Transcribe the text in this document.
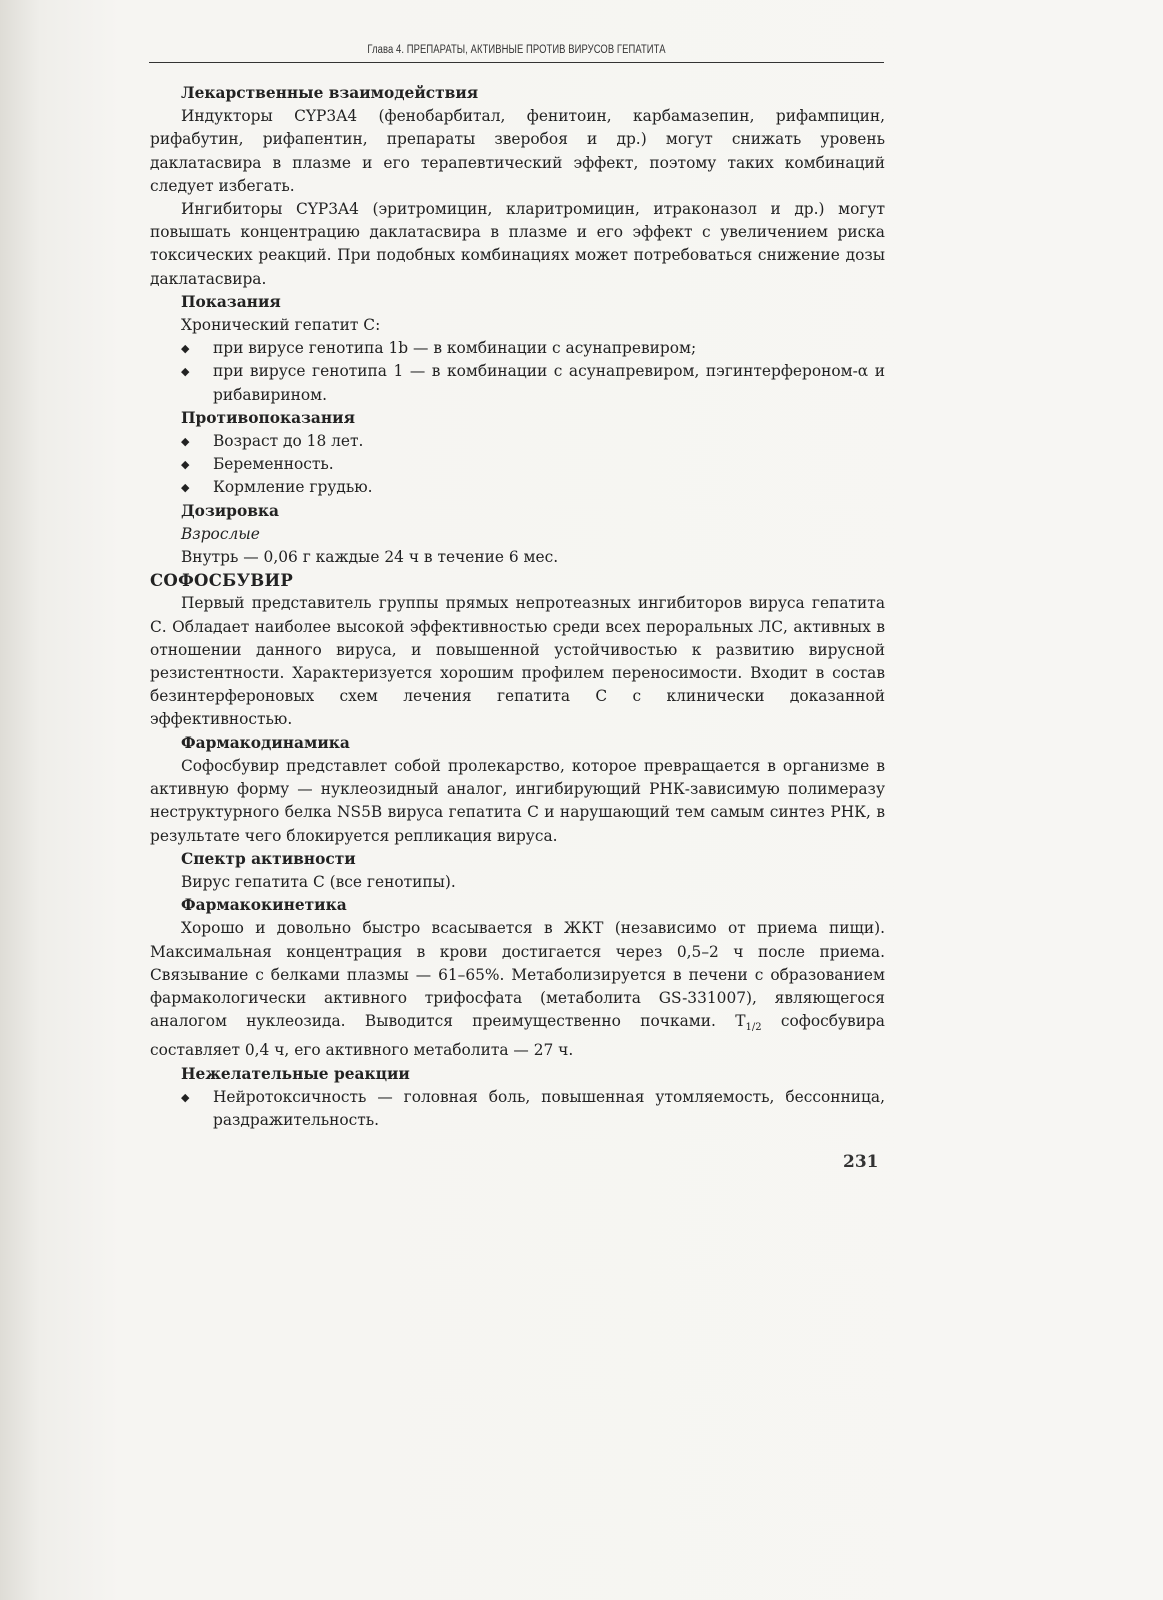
Глава 4. ПРЕПАРАТЫ, АКТИВНЫЕ ПРОТИВ ВИРУСОВ ГЕПАТИТА

Лекарственные взаимодействия

Индукторы CYP3A4 (фенобарбитал, фенитоин, карбамазепин, рифампицин, рифабутин, рифапентин, препараты зверобоя и др.) могут снижать уровень даклатасвира в плазме и его терапевтический эффект, поэтому таких комбинаций следует избегать.

Ингибиторы CYP3A4 (эритромицин, кларитромицин, итраконазол и др.) могут повышать концентрацию даклатасвира в плазме и его эффект с увеличением риска токсических реакций. При подобных комбинациях может потребоваться снижение дозы даклатасвира.

Показания

Хронический гепатит С:

◆ при вирусе генотипа 1b — в комбинации с асунапревиром;
◆ при вирусе генотипа 1 — в комбинации с асунапревиром, пэгинтерфероном-α и рибавирином.

Противопоказания

◆ Возраст до 18 лет.
◆ Беременность.
◆ Кормление грудью.

Дозировка

Взрослые

Внутрь — 0,06 г каждые 24 ч в течение 6 мес.

СОФОСБУВИР

Первый представитель группы прямых непротеазных ингибиторов вируса гепатита С. Обладает наиболее высокой эффективностью среди всех пероральных ЛС, активных в отношении данного вируса, и повышенной устойчивостью к развитию вирусной резистентности. Характеризуется хорошим профилем переносимости. Входит в состав безинтерфероновых схем лечения гепатита С с клинически доказанной эффективностью.

Фармакодинамика

Софосбувир представлет собой пролекарство, которое превращается в организме в активную форму — нуклеозидный аналог, ингибирующий РНК-зависимую полимеразу неструктурного белка NS5B вируса гепатита С и нарушающий тем самым синтез РНК, в результате чего блокируется репликация вируса.

Спектр активности

Вирус гепатита С (все генотипы).

Фармакокинетика

Хорошо и довольно быстро всасывается в ЖКТ (независимо от приема пищи). Максимальная концентрация в крови достигается через 0,5–2 ч после приема. Связывание с белками плазмы — 61–65%. Метаболизируется в печени с образованием фармакологически активного трифосфата (метаболита GS-331007), являющегося аналогом нуклеозида. Выводится преимущественно почками. $T_{1/2}$ софосбувира составляет 0,4 ч, его активного метаболита — 27 ч.

Нежелательные реакции

◆ Нейротоксичность — головная боль, повышенная утомляемость, бессонница, раздражительность.
231
